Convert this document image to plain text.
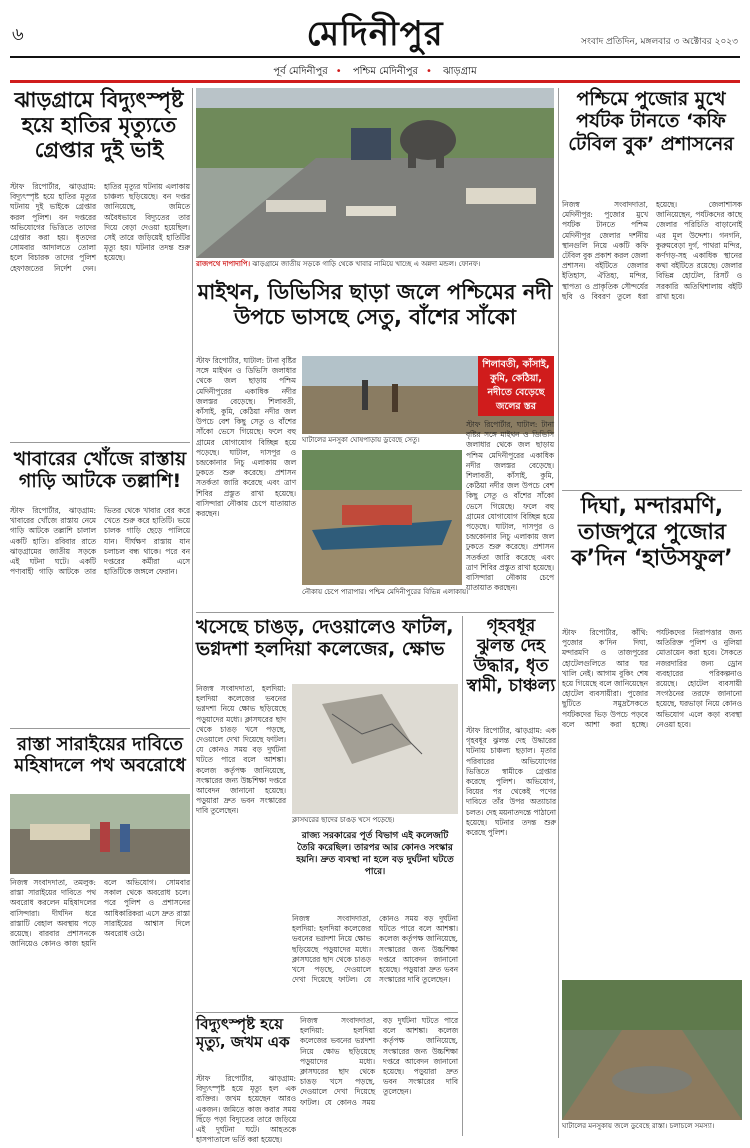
৬	মেদিনীপুর	সংবাদ প্রতিদিন, মঙ্গলবার ৩ অক্টোবর ২০২৩
পূর্ব মেদিনীপুর • পশ্চিম মেদিনীপুর • ঝাড়গ্রাম
ঝাড়গ্রামে বিদ্যুৎস্পৃষ্ট হয়ে হাতির মৃত্যুতে গ্রেপ্তার দুই ভাই
স্টাফ রিপোর্টার, ঝাড়গ্রাম: বিদ্যুৎস্পৃষ্ট হয়ে হাতির মৃত্যুর ঘটনায় দুই ভাইকে গ্রেপ্তার করল পুলিশ। বন দপ্তরের অভিযোগের ভিত্তিতে তাদের গ্রেপ্তার করা হয়। ধৃতদের সোমবার আদালতে তোলা হলে বিচারক তাদের পুলিশ হেফাজতের নির্দেশ দেন। হাতির মৃত্যুর ঘটনায় এলাকায় চাঞ্চল্য ছড়িয়েছে। বন দপ্তর জানিয়েছে, জমিতে অবৈধভাবে বিদ্যুতের তার দিয়ে বেড়া দেওয়া হয়েছিল। সেই তারে জড়িয়েই হাতিটির মৃত্যু হয়। ঘটনার তদন্ত শুরু হয়েছে।
রাজপথে দাপাদাপি। ঝাড়গ্রামে জাতীয় সড়কে গাড়ি থেকে খাবার নামিয়ে খাচ্ছে এ অন্নদা মন্ডল। ফোনফ।
পশ্চিমে পুজোর মুখে পর্যটক টানতে ‘কফি টেবিল বুক’ প্রশাসনের
নিজস্ব সংবাদদাতা, মেদিনীপুর: পুজোর মুখে পর্যটক টানতে পশ্চিম মেদিনীপুর জেলার দর্শনীয় স্থানগুলি নিয়ে একটি কফি টেবিল বুক প্রকাশ করল জেলা প্রশাসন। বইটিতে জেলার ইতিহাস, ঐতিহ্য, মন্দির, স্থাপত্য ও প্রাকৃতিক সৌন্দর্যের ছবি ও বিবরণ তুলে ধরা হয়েছে। জেলাশাসক জানিয়েছেন, পর্যটকদের কাছে জেলার পরিচিতি বাড়ানোই এর মূল উদ্দেশ্য। গনগনি, কুরুমবেড়া দুর্গ, পাথরা মন্দির, কর্ণগড়-সহ একাধিক স্থানের কথা বইটিতে রয়েছে। জেলার বিভিন্ন হোটেল, রিসর্ট ও সরকারি অতিথিশালায় বইটি রাখা হবে।
মাইথন, ডিভিসির ছাড়া জলে পশ্চিমের নদী উপচে ভাসছে সেতু, বাঁশের সাঁকো
স্টাফ রিপোর্টার, ঘাটাল: টানা বৃষ্টির সঙ্গে মাইথন ও ডিভিসি জলাধার থেকে জল ছাড়ায় পশ্চিম মেদিনীপুরের একাধিক নদীর জলস্তর বেড়েছে। শিলাবতী, কাঁসাই, কুমি, কেঠিয়া নদীর জল উপচে বেশ কিছু সেতু ও বাঁশের সাঁকো ভেসে গিয়েছে। ফলে বহু গ্রামের যোগাযোগ বিচ্ছিন্ন হয়ে পড়েছে। ঘাটাল, দাসপুর ও চন্দ্রকোনার নিচু এলাকায় জল ঢুকতে শুরু করেছে। প্রশাসন সতর্কতা জারি করেছে এবং ত্রাণ শিবির প্রস্তুত রাখা হয়েছে। বাসিন্দারা নৌকায় চেপে যাতায়াত করছেন।
শিলাবতী, কাঁসাই, কুমি, কেঠিয়া, নদীতে বেড়েছে জলের স্তর
ঘাটালের মনসুকা ঘোষপাড়ায় ডুবেছে সেতু।
স্টাফ রিপোর্টার, ঘাটাল: টানা বৃষ্টির সঙ্গে মাইথন ও ডিভিসি জলাধার থেকে জল ছাড়ায় পশ্চিম মেদিনীপুরের একাধিক নদীর জলস্তর বেড়েছে। শিলাবতী, কাঁসাই, কুমি, কেঠিয়া নদীর জল উপচে বেশ কিছু সেতু ও বাঁশের সাঁকো ভেসে গিয়েছে। ফলে বহু গ্রামের যোগাযোগ বিচ্ছিন্ন হয়ে পড়েছে। ঘাটাল, দাসপুর ও চন্দ্রকোনার নিচু এলাকায় জল ঢুকতে শুরু করেছে। প্রশাসন সতর্কতা জারি করেছে এবং ত্রাণ শিবির প্রস্তুত রাখা হয়েছে। বাসিন্দারা নৌকায় চেপে যাতায়াত করছেন।
নৌকায় চেপে পারাপার। পশ্চিম মেদিনীপুরের বিভিন্ন এলাকায়।
খাবারের খোঁজে রাস্তায় গাড়ি আটকে তল্লাশি!
স্টাফ রিপোর্টার, ঝাড়গ্রাম: খাবারের খোঁজে রাস্তায় নেমে গাড়ি আটকে তল্লাশি চালাল একটি হাতি। রবিবার রাতে ঝাড়গ্রামের জাতীয় সড়কে এই ঘটনা ঘটে। একটি পণ্যবাহী গাড়ি আটকে তার ভিতর থেকে খাবার বের করে খেতে শুরু করে হাতিটি। ভয়ে চালক গাড়ি ছেড়ে পালিয়ে যান। দীর্ঘক্ষণ রাস্তায় যান চলাচল বন্ধ থাকে। পরে বন দপ্তরের কর্মীরা এসে হাতিটিকে জঙ্গলে ফেরান।
দিঘা, মন্দারমণি, তাজপুরে পুজোর ক’দিন ‘হাউসফুল’
স্টাফ রিপোর্টার, কাঁথি: পুজোর ক’দিন দিঘা, মন্দারমণি ও তাজপুরের হোটেলগুলিতে আর ঘর খালি নেই। আগাম বুকিং শেষ হয়ে গিয়েছে বলে জানিয়েছেন হোটেল ব্যবসায়ীরা। পুজোর ছুটিতে সমুদ্রসৈকতে পর্যটকদের ভিড় উপচে পড়বে বলে আশা করা হচ্ছে। পর্যটকদের নিরাপত্তার জন্য অতিরিক্ত পুলিশ ও নুলিয়া মোতায়েন করা হবে। সৈকতে নজরদারির জন্য ড্রোন ব্যবহারের পরিকল্পনাও রয়েছে। হোটেল ব্যবসায়ী সংগঠনের তরফে জানানো হয়েছে, ঘরভাড়া নিয়ে কোনও অভিযোগ এলে কড়া ব্যবস্থা নেওয়া হবে।
ঘাটালের মনসুকায় জলে ডুবেছে রাস্তা। চলাচলে সমস্যা।
রাস্তা সারাইয়ের দাবিতে মহিষাদলে পথ অবরোধে
নিজস্ব সংবাদদাতা, তমলুক: রাস্তা সারাইয়ের দাবিতে পথ অবরোধ করলেন মহিষাদলের বাসিন্দারা। দীর্ঘদিন ধরে রাস্তাটি বেহাল অবস্থায় পড়ে রয়েছে। বারবার প্রশাসনকে জানিয়েও কোনও কাজ হয়নি বলে অভিযোগ। সোমবার সকাল থেকে অবরোধ চলে। পরে পুলিশ ও প্রশাসনের আধিকারিকরা এসে দ্রুত রাস্তা সারাইয়ের আশ্বাস দিলে অবরোধ ওঠে।
খসেছে চাঙড়, দেওয়ালেও ফাটল, ভগ্নদশা হলদিয়া কলেজের, ক্ষোভ
নিজস্ব সংবাদদাতা, হলদিয়া: হলদিয়া কলেজের ভবনের ভগ্নদশা নিয়ে ক্ষোভ ছড়িয়েছে পড়ুয়াদের মধ্যে। ক্লাসঘরের ছাদ থেকে চাঙড় খসে পড়ছে, দেওয়ালে দেখা দিয়েছে ফাটল। যে কোনও সময় বড় দুর্ঘটনা ঘটতে পারে বলে আশঙ্কা। কলেজ কর্তৃপক্ষ জানিয়েছে, সংস্কারের জন্য উচ্চশিক্ষা দপ্তরে আবেদন জানানো হয়েছে। পড়ুয়ারা দ্রুত ভবন সংস্কারের দাবি তুলেছেন।
ক্লাসঘরের ছাদের চাঙড় খসে পড়েছে।
রাজ্য সরকারের পূর্ত বিভাগ এই কলেজটি তৈরি করেছিল। তারপর আর কোনও সংস্কার হয়নি। দ্রুত ব্যবস্থা না হলে বড় দুর্ঘটনা ঘটতে পারে।
নিজস্ব সংবাদদাতা, হলদিয়া: হলদিয়া কলেজের ভবনের ভগ্নদশা নিয়ে ক্ষোভ ছড়িয়েছে পড়ুয়াদের মধ্যে। ক্লাসঘরের ছাদ থেকে চাঙড় খসে পড়ছে, দেওয়ালে দেখা দিয়েছে ফাটল। যে কোনও সময় বড় দুর্ঘটনা ঘটতে পারে বলে আশঙ্কা। কলেজ কর্তৃপক্ষ জানিয়েছে, সংস্কারের জন্য উচ্চশিক্ষা দপ্তরে আবেদন জানানো হয়েছে। পড়ুয়ারা দ্রুত ভবন সংস্কারের দাবি তুলেছেন।
গৃহবধূর ঝুলন্ত দেহ উদ্ধার, ধৃত স্বামী, চাঞ্চল্য
স্টাফ রিপোর্টার, ঝাড়গ্রাম: এক গৃহবধূর ঝুলন্ত দেহ উদ্ধারের ঘটনায় চাঞ্চল্য ছড়াল। মৃতার পরিবারের অভিযোগের ভিত্তিতে স্বামীকে গ্রেপ্তার করেছে পুলিশ। অভিযোগ, বিয়ের পর থেকেই পণের দাবিতে তাঁর উপর অত্যাচার চলত। দেহ ময়নাতদন্তে পাঠানো হয়েছে। ঘটনার তদন্ত শুরু করেছে পুলিশ।
বিদ্যুৎস্পৃষ্ট হয়ে মৃত্যু, জখম এক
স্টাফ রিপোর্টার, ঝাড়গ্রাম: বিদ্যুৎস্পৃষ্ট হয়ে মৃত্যু হল এক ব্যক্তির। জখম হয়েছেন আরও একজন। জমিতে কাজ করার সময় ছিঁড়ে পড়া বিদ্যুতের তারে জড়িয়ে এই দুর্ঘটনা ঘটে। আহতকে হাসপাতালে ভর্তি করা হয়েছে।
নিজস্ব সংবাদদাতা, হলদিয়া: হলদিয়া কলেজের ভবনের ভগ্নদশা নিয়ে ক্ষোভ ছড়িয়েছে পড়ুয়াদের মধ্যে। ক্লাসঘরের ছাদ থেকে চাঙড় খসে পড়ছে, দেওয়ালে দেখা দিয়েছে ফাটল। যে কোনও সময় বড় দুর্ঘটনা ঘটতে পারে বলে আশঙ্কা। কলেজ কর্তৃপক্ষ জানিয়েছে, সংস্কারের জন্য উচ্চশিক্ষা দপ্তরে আবেদন জানানো হয়েছে। পড়ুয়ারা দ্রুত ভবন সংস্কারের দাবি তুলেছেন।
